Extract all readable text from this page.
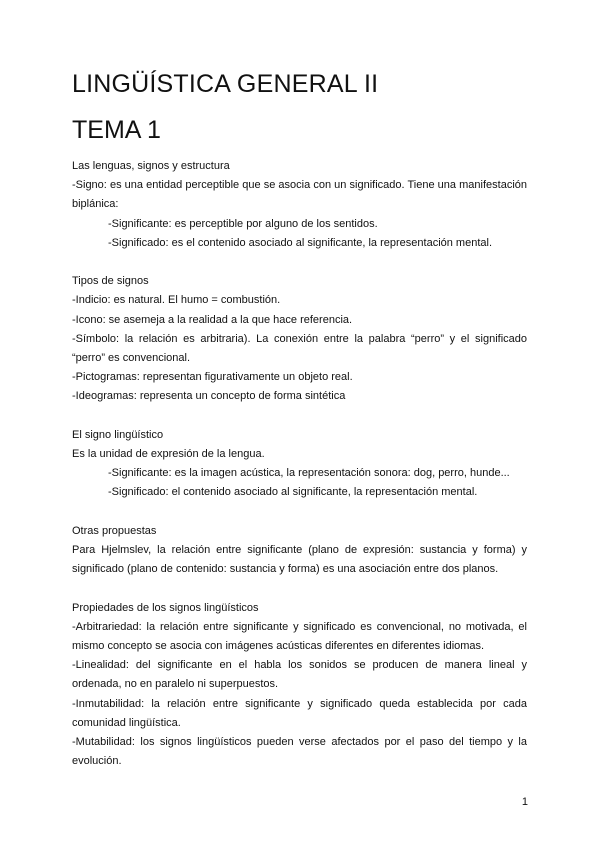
LINGÜÍSTICA GENERAL II
TEMA 1

Las lenguas, signos y estructura

-Signo: es una entidad perceptible que se asocia con un significado. Tiene una manifestación biplánica:

-Significante: es perceptible por alguno de los sentidos.

-Significado: es el contenido asociado al significante, la representación mental.

Tipos de signos

-Indicio: es natural. El humo = combustión.

-Icono: se asemeja a la realidad a la que hace referencia.

-Símbolo: la relación es arbitraria). La conexión entre la palabra “perro” y el significado “perro” es convencional.

-Pictogramas: representan figurativamente un objeto real.

-Ideogramas: representa un concepto de forma sintética

El signo lingüístico

Es la unidad de expresión de la lengua.

-Significante: es la imagen acústica, la representación sonora: dog, perro, hunde...

-Significado: el contenido asociado al significante, la representación mental.

Otras propuestas

Para Hjelmslev, la relación entre significante (plano de expresión: sustancia y forma) y significado (plano de contenido: sustancia y forma) es una asociación entre dos planos.

Propiedades de los signos lingüísticos

-Arbitrariedad: la relación entre significante y significado es convencional, no motivada, el mismo concepto se asocia con imágenes acústicas diferentes en diferentes idiomas.

-Linealidad: del significante en el habla los sonidos se producen de manera lineal y ordenada, no en paralelo ni superpuestos.

-Inmutabilidad: la relación entre significante y significado queda establecida por cada comunidad lingüística.

-Mutabilidad: los signos lingüísticos pueden verse afectados por el paso del tiempo y la evolución.

1
